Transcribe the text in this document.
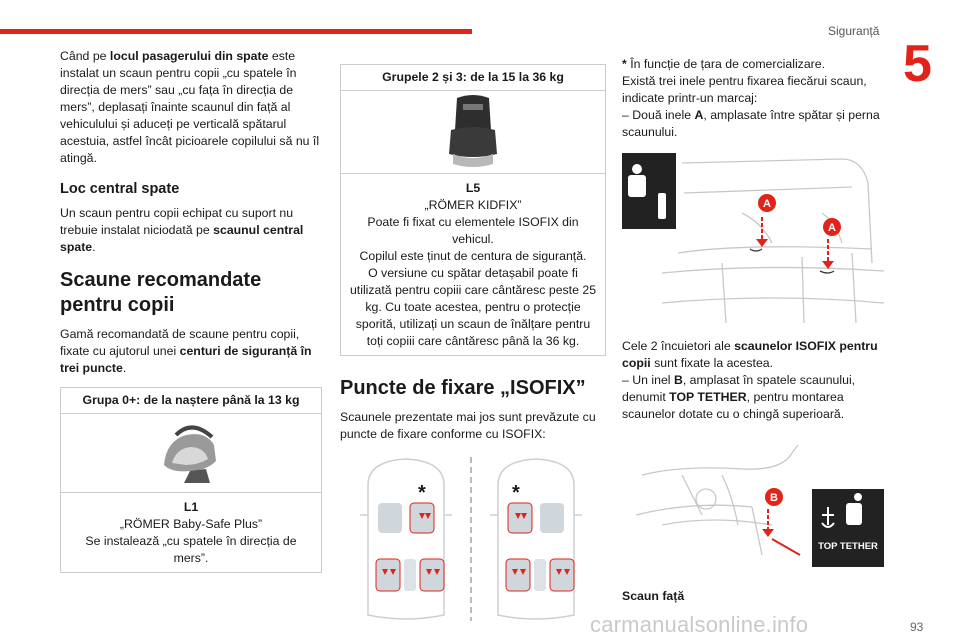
Siguranță
5

Când pe locul pasagerului din spate este instalat un scaun pentru copii „cu spatele în direcția de mers” sau „cu fața în direcția de mers”, deplasați înainte scaunul din față al vehiculului și aduceți pe verticală spătarul acestuia, astfel încât picioarele copilului să nu îl atingă.

Loc central spate

Un scaun pentru copii echipat cu suport nu trebuie instalat niciodată pe scaunul central spate.

Scaune recomandate pentru copii

Gamă recomandată de scaune pentru copii, fixate cu ajutorul unei centuri de siguranță în trei puncte.

Grupa 0+: de la naștere până la 13 kg
L1
„RÖMER Baby-Safe Plus”
Se instalează „cu spatele în direcția de mers”.
Grupele 2 și 3: de la 15 la 36 kg
L5
„RÖMER KIDFIX”
Poate fi fixat cu elementele ISOFIX din vehicul.
Copilul este ținut de centura de siguranță.
O versiune cu spătar detașabil poate fi utilizată pentru copiii care cântăresc peste 25 kg. Cu toate acestea, pentru o protecție sporită, utilizați un scaun de înălțare pentru toți copiii care cântăresc până la 36 kg.
Puncte de fixare „ISOFIX”

Scaunele prezentate mai jos sunt prevăzute cu puncte de fixare conforme cu ISOFIX:

*	*

* În funcție de țara de comercializare.

Există trei inele pentru fixarea fiecărui scaun, indicate printr-un marcaj:

– Două inele A, amplasate între spătar și perna scaunului.

A
A

Cele 2 încuietori ale scaunelor ISOFIX pentru copii sunt fixate la acestea.

– Un inel B, amplasat în spatele scaunului, denumit TOP TETHER, pentru montarea scaunelor dotate cu o chingă superioară.

B
TOP TETHER

Scaun față

carmanualsonline.info	93
